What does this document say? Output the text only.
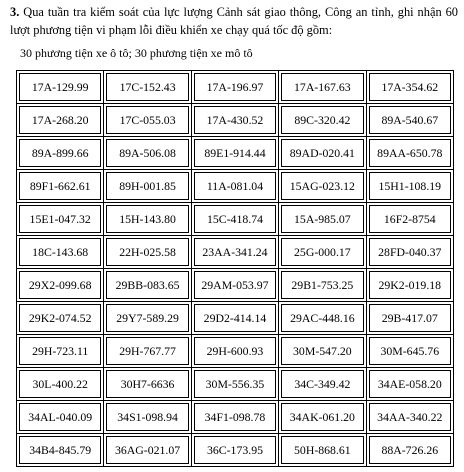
3. Qua tuần tra kiểm soát của lực lượng Cảnh sát giao thông, Công an tỉnh, ghi nhận 60 lượt phương tiện vi phạm lỗi điều khiển xe chạy quá tốc độ gồm:

30 phương tiện xe ô tô; 30 phương tiện xe mô tô

17A-129.99	17C-152.43	17A-196.97	17A-167.63	17A-354.62

17A-268.20	17C-055.03	17A-430.52	89C-320.42	89A-540.67

89A-899.66	89A-506.08	89E1-914.44	89AD-020.41	89AA-650.78

89F1-662.61	89H-001.85	11A-081.04	15AG-023.12	15H1-108.19

15E1-047.32	15H-143.80	15C-418.74	15A-985.07	16F2-8754

18C-143.68	22H-025.58	23AA-341.24	25G-000.17	28FD-040.37

29X2-099.68	29BB-083.65	29AM-053.97	29B1-753.25	29K2-019.18

29K2-074.52	29Y7-589.29	29D2-414.14	29AC-448.16	29B-417.07

29H-723.11	29H-767.77	29H-600.93	30M-547.20	30M-645.76

30L-400.22	30H7-6636	30M-556.35	34C-349.42	34AE-058.20

34AL-040.09	34S1-098.94	34F1-098.78	34AK-061.20	34AA-340.22

34B4-845.79	36AG-021.07	36C-173.95	50H-868.61	88A-726.26
